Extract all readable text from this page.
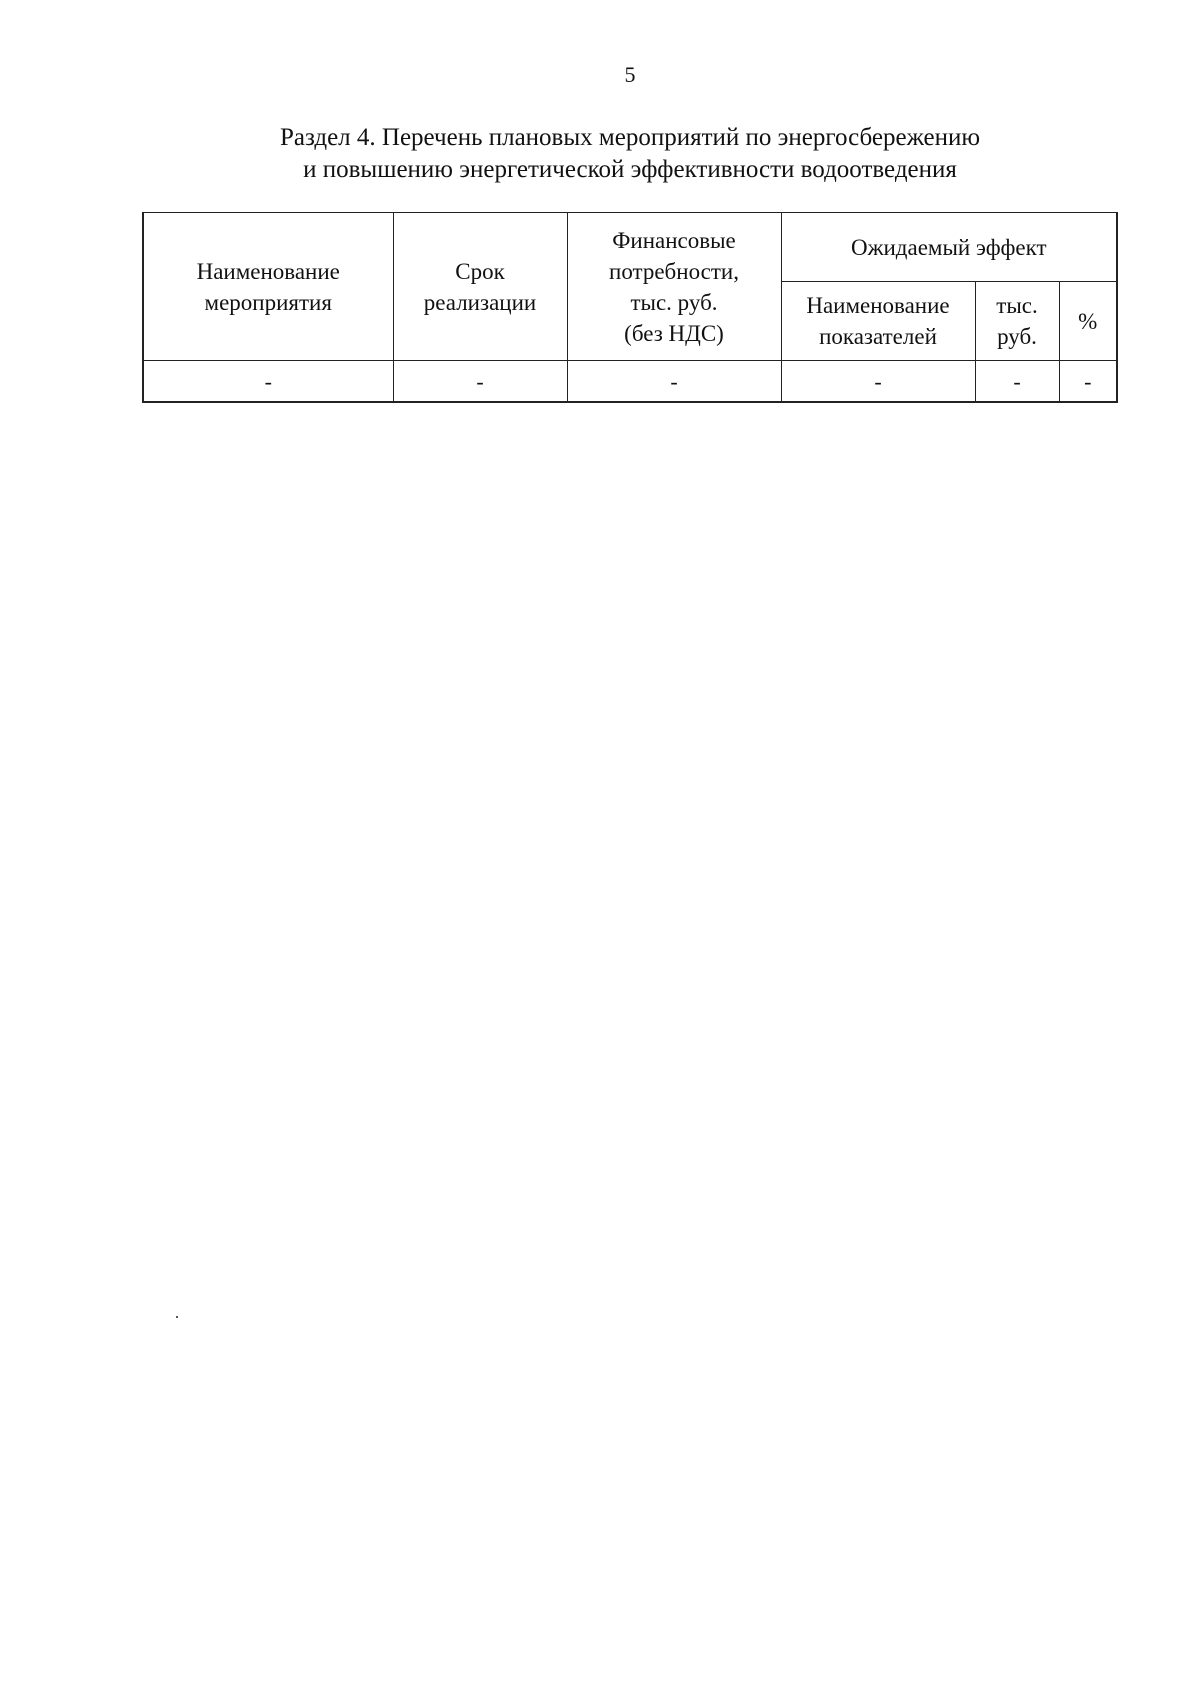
5
Раздел 4. Перечень плановых мероприятий по энергосбережению
и повышению энергетической эффективности водоотведения
Наименование мероприятия	Срок реализации	Финансовые
потребности,
тыс. руб.
(без НДС)	Ожидаемый эффект		
			Наименование показателей	тыс. руб.	%
-	-	-	-	-	-
